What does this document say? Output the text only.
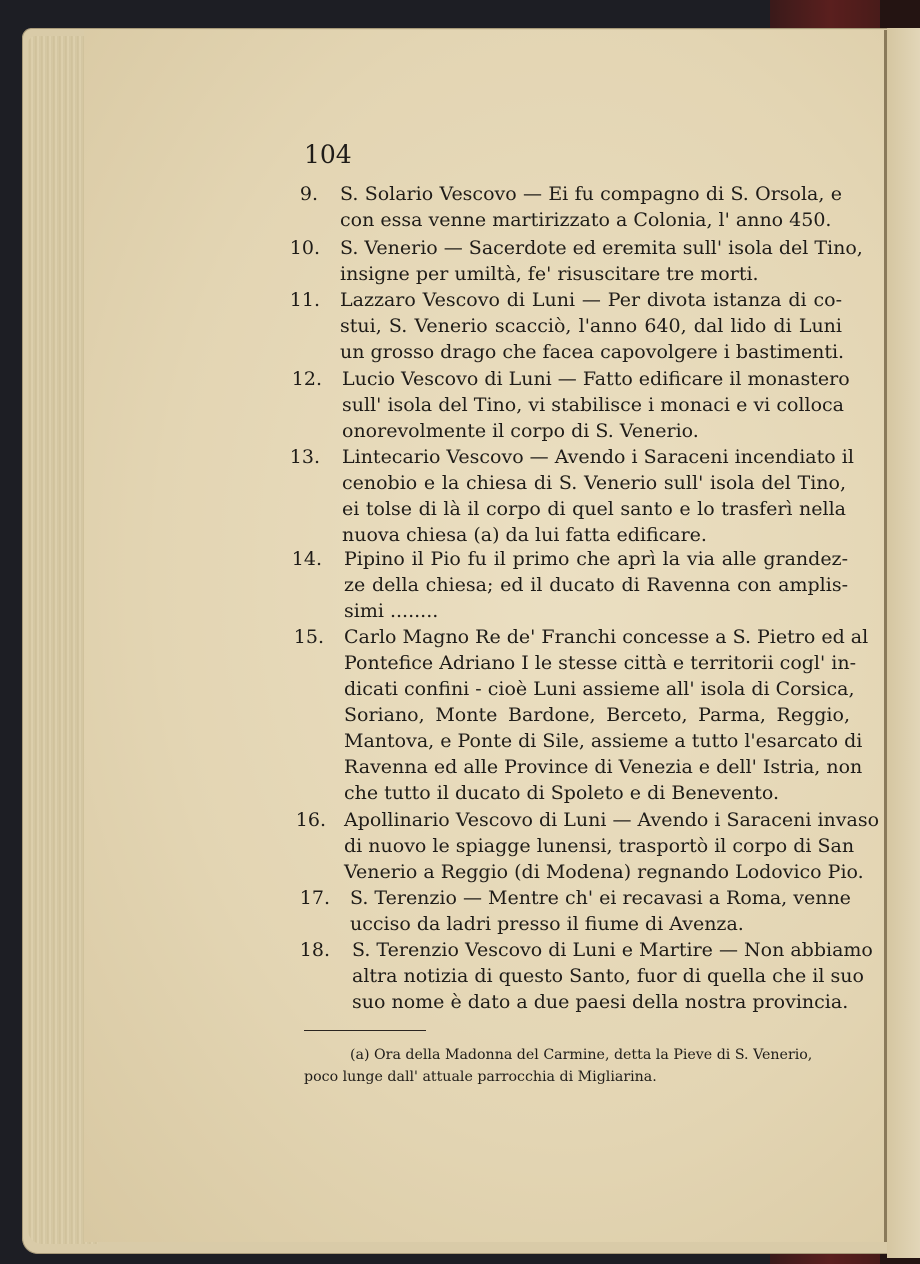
104
9. S. Solario Vescovo — Ei fu compagno di S. Orsola, e
con essa venne martirizzato a Colonia, l' anno 450.
10. S. Venerio — Sacerdote ed eremita sull' isola del Tino,
insigne per umiltà, fe' risuscitare tre morti.
11. Lazzaro Vescovo di Luni — Per divota istanza di co-
stui, S. Venerio scacciò, l'anno 640, dal lido di Luni
un grosso drago che facea capovolgere i bastimenti.
12. Lucio Vescovo di Luni — Fatto edificare il monastero
sull' isola del Tino, vi stabilisce i monaci e vi colloca
onorevolmente il corpo di S. Venerio.
13. Lintecario Vescovo — Avendo i Saraceni incendiato il
cenobio e la chiesa di S. Venerio sull' isola del Tino,
ei tolse di là il corpo di quel santo e lo trasferì nella
nuova chiesa (a) da lui fatta edificare.
14. Pipino il Pio fu il primo che aprì la via alle grandez-
ze della chiesa; ed il ducato di Ravenna con amplis-
simi ........
15. Carlo Magno Re de' Franchi concesse a S. Pietro ed al
Pontefice Adriano I le stesse città e territorii cogl' in-
dicati confini - cioè Luni assieme all' isola di Corsica,
Soriano, Monte Bardone, Berceto, Parma, Reggio,
Mantova, e Ponte di Sile, assieme a tutto l'esarcato di
Ravenna ed alle Province di Venezia e dell' Istria, non
che tutto il ducato di Spoleto e di Benevento.
16. Apollinario Vescovo di Luni — Avendo i Saraceni invaso
di nuovo le spiagge lunensi, trasportò il corpo di San
Venerio a Reggio (di Modena) regnando Lodovico Pio.
17. S. Terenzio — Mentre ch' ei recavasi a Roma, venne
ucciso da ladri presso il fiume di Avenza.
18. S. Terenzio Vescovo di Luni e Martire — Non abbiamo
altra notizia di questo Santo, fuor di quella che il suo
suo nome è dato a due paesi della nostra provincia.
(a) Ora della Madonna del Carmine, detta la Pieve di S. Venerio,
poco lunge dall' attuale parrocchia di Migliarina.
